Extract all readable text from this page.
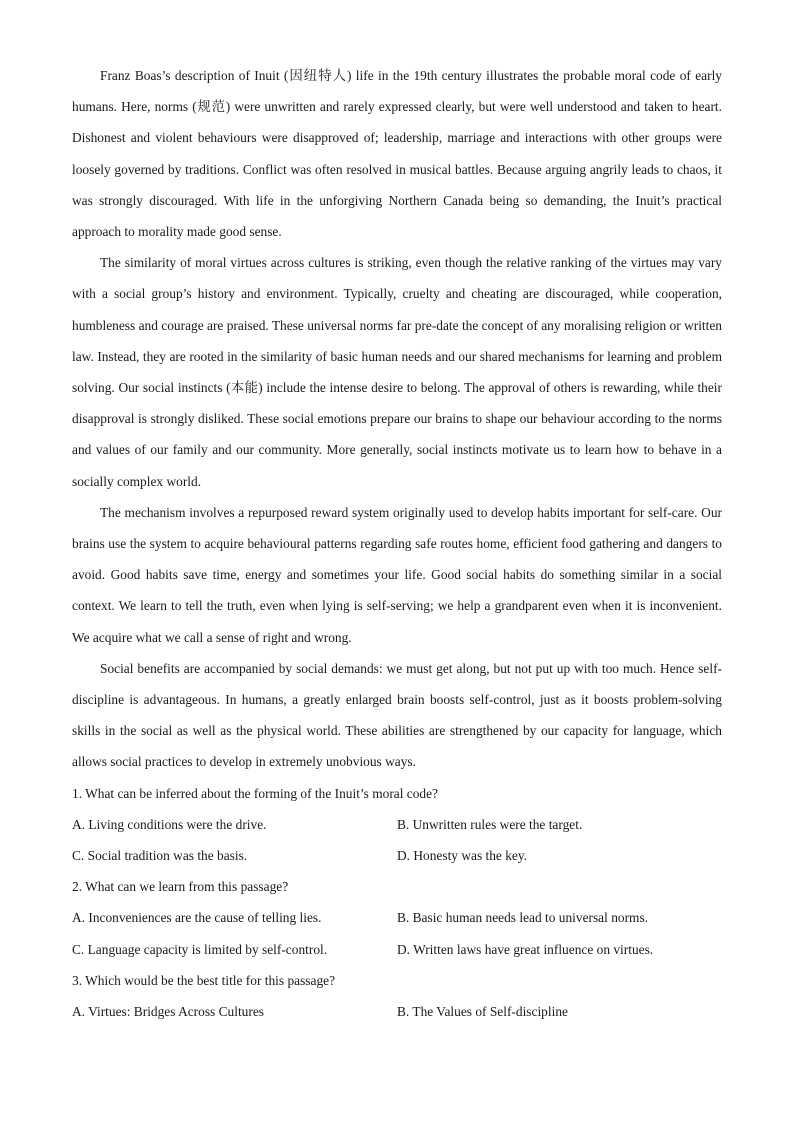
Franz Boas’s description of Inuit (因纽特人) life in the 19th century illustrates the probable moral code of early humans. Here, norms (规范) were unwritten and rarely expressed clearly, but were well understood and taken to heart. Dishonest and violent behaviours were disapproved of; leadership, marriage and interactions with other groups were loosely governed by traditions. Conflict was often resolved in musical battles. Because arguing angrily leads to chaos, it was strongly discouraged. With life in the unforgiving Northern Canada being so demanding, the Inuit’s practical approach to morality made good sense.

The similarity of moral virtues across cultures is striking, even though the relative ranking of the virtues may vary with a social group’s history and environment. Typically, cruelty and cheating are discouraged, while cooperation, humbleness and courage are praised. These universal norms far pre-date the concept of any moralising religion or written law. Instead, they are rooted in the similarity of basic human needs and our shared mechanisms for learning and problem solving. Our social instincts (本能) include the intense desire to belong. The approval of others is rewarding, while their disapproval is strongly disliked. These social emotions prepare our brains to shape our behaviour according to the norms and values of our family and our community. More generally, social instincts motivate us to learn how to behave in a socially complex world.

The mechanism involves a repurposed reward system originally used to develop habits important for self-care. Our brains use the system to acquire behavioural patterns regarding safe routes home, efficient food gathering and dangers to avoid. Good habits save time, energy and sometimes your life. Good social habits do something similar in a social context. We learn to tell the truth, even when lying is self-serving; we help a grandparent even when it is inconvenient. We acquire what we call a sense of right and wrong.

Social benefits are accompanied by social demands: we must get along, but not put up with too much. Hence self-discipline is advantageous. In humans, a greatly enlarged brain boosts self-control, just as it boosts problem-solving skills in the social as well as the physical world. These abilities are strengthened by our capacity for language, which allows social practices to develop in extremely unobvious ways.

1. What can be inferred about the forming of the Inuit’s moral code?

A. Living conditions were the drive.	B. Unwritten rules were the target.
C. Social tradition was the basis.	D. Honesty was the key.

2. What can we learn from this passage?

A. Inconveniences are the cause of telling lies.	B. Basic human needs lead to universal norms.
C. Language capacity is limited by self-control.	D. Written laws have great influence on virtues.

3. Which would be the best title for this passage?

A. Virtues: Bridges Across Cultures	B. The Values of Self-discipline
